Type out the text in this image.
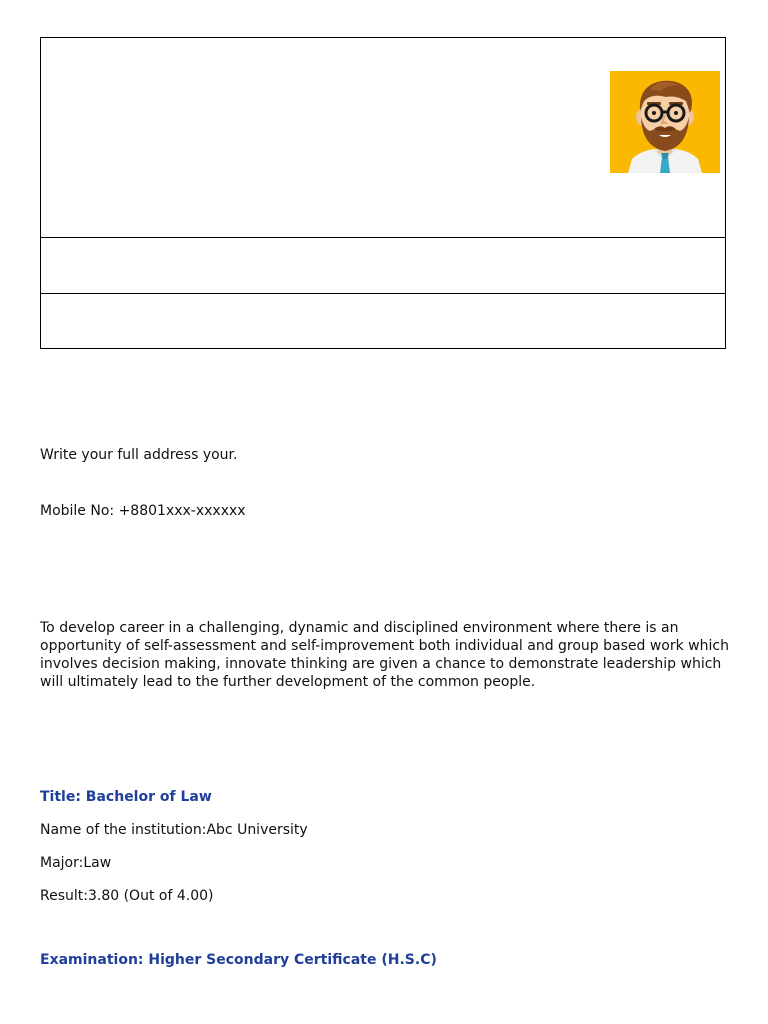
Write your full address your.

Mobile No: +8801xxx-xxxxxx

To develop career in a challenging, dynamic and disciplined environment where there is an opportunity of self-assessment and self-improvement both individual and group based work which involves decision making, innovate thinking are given a chance to demonstrate leadership which will ultimately lead to the further development of the common people.

Title: Bachelor of Law

Name of the institution:Abc University

Major:Law

Result:3.80 (Out of 4.00)

Examination: Higher Secondary Certificate (H.S.C)
